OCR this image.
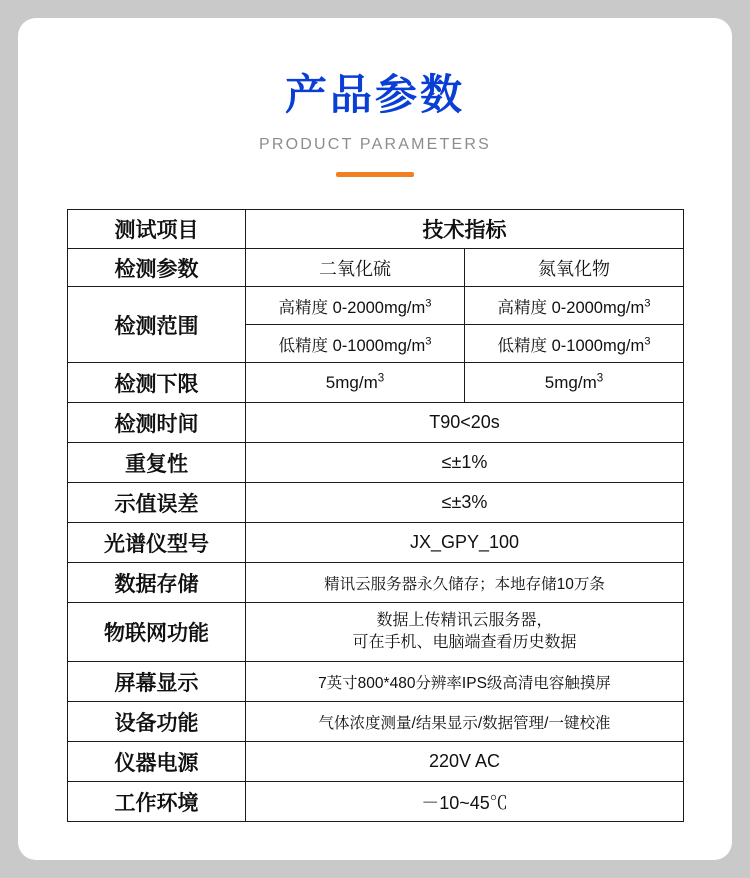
产品参数
PRODUCT PARAMETERS
测试项目	技术指标	
检测参数	二氧化硫	氮氧化物
检测范围	高精度 $0-2000mg/m^3$	高精度 $0-2000mg/m^3$
	低精度 $0-1000mg/m^3$	低精度 $0-1000mg/m^3$
检测下限	$5mg/m^3$	$5mg/m^3$
检测时间	T90<20s	
重复性	≤±1%	
示值误差	≤±3%	
光谱仪型号	JX_GPY_100	
数据存储	精讯云服务器永久储存；本地存储10万条	
物联网功能	数据上传精讯云服务器，
可在手机、电脑端查看历史数据	

屏幕显示	7英寸800*480分辨率IPS级高清电容触摸屏	
设备功能	气体浓度测量/结果显示/数据管理/一键校准	
仪器电源	220V AC	
工作环境	－10~45℃	
